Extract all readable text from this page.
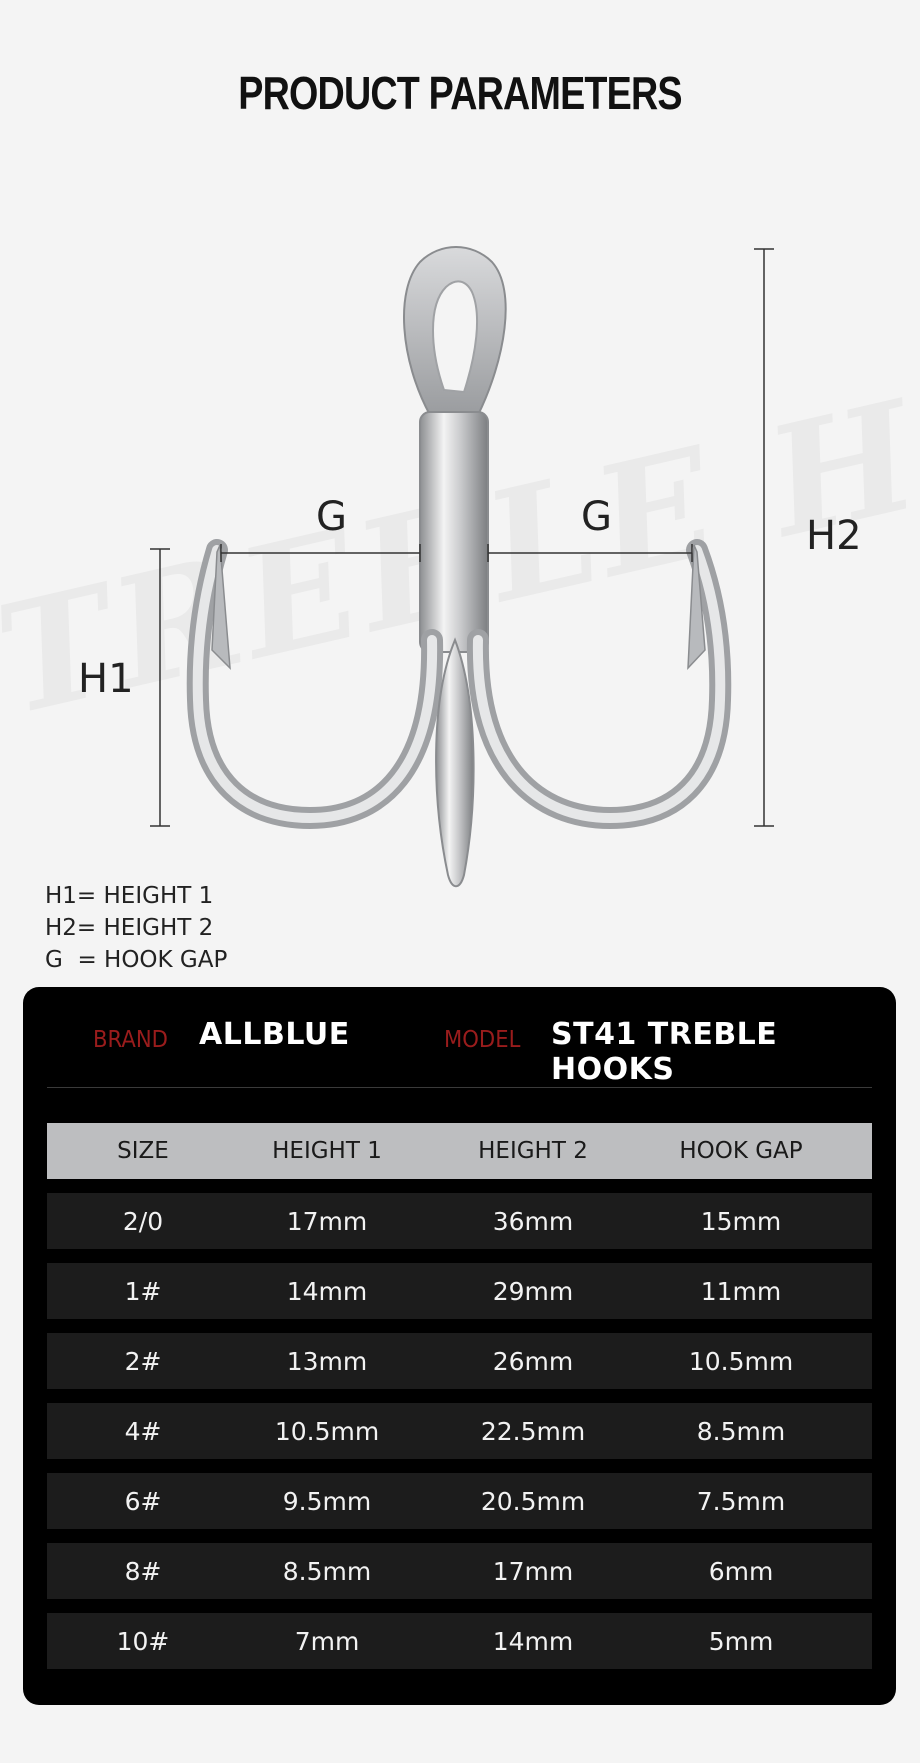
PRODUCT PARAMETERS
G	G
H1
H2
H1= HEIGHT 1
H2= HEIGHT 2
G  = HOOK GAP
BRAND ALLBLUE	MODEL ST41 TREBLE HOOKS
SIZE	HEIGHT 1	HEIGHT 2	HOOK GAP
2/0	17mm	36mm	15mm
1#	14mm	29mm	11mm
2#	13mm	26mm	10.5mm
4#	10.5mm	22.5mm	8.5mm
6#	9.5mm	20.5mm	7.5mm
8#	8.5mm	17mm	6mm
10#	7mm	14mm	5mm
